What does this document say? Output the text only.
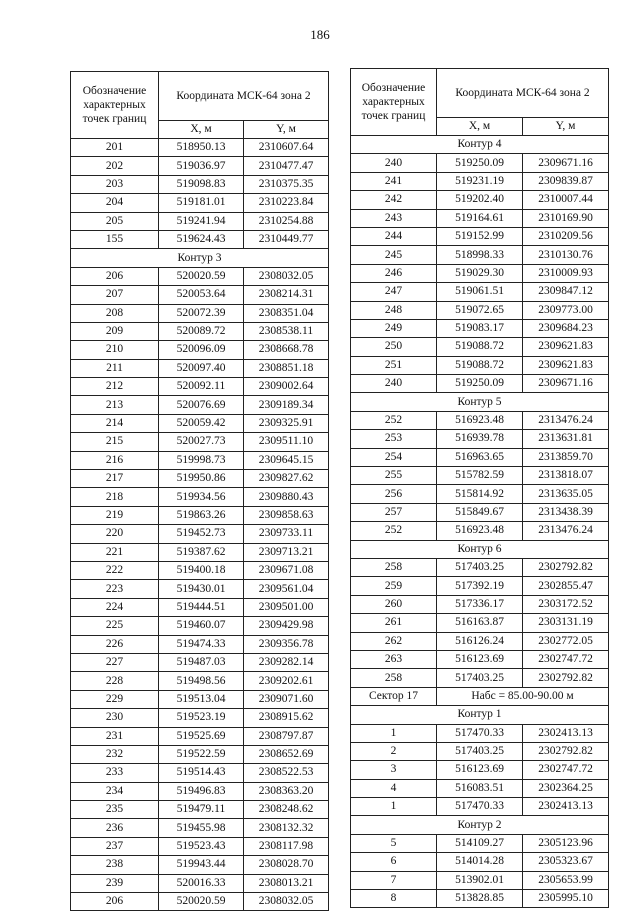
186
Обозначение характерных точек границ	Координата МСК-64 зона 2	
	X, м	Y, м
201	518950.13	2310607.64
202	519036.97	2310477.47
203	519098.83	2310375.35
204	519181.01	2310223.84
205	519241.94	2310254.88
155	519624.43	2310449.77
Контур 3		
206	520020.59	2308032.05
207	520053.64	2308214.31
208	520072.39	2308351.04
209	520089.72	2308538.11
210	520096.09	2308668.78
211	520097.40	2308851.18
212	520092.11	2309002.64
213	520076.69	2309189.34
214	520059.42	2309325.91
215	520027.73	2309511.10
216	519998.73	2309645.15
217	519950.86	2309827.62
218	519934.56	2309880.43
219	519863.26	2309858.63
220	519452.73	2309733.11
221	519387.62	2309713.21
222	519400.18	2309671.08
223	519430.01	2309561.04
224	519444.51	2309501.00
225	519460.07	2309429.98
226	519474.33	2309356.78
227	519487.03	2309282.14
228	519498.56	2309202.61
229	519513.04	2309071.60
230	519523.19	2308915.62
231	519525.69	2308797.87
232	519522.59	2308652.69
233	519514.43	2308522.53
234	519496.83	2308363.20
235	519479.11	2308248.62
236	519455.98	2308132.32
237	519523.43	2308117.98
238	519943.44	2308028.70
239	520016.33	2308013.21
206	520020.59	2308032.05
Обозначение характерных точек границ	Координата МСК-64 зона 2	
	X, м	Y, м
Контур 4		
240	519250.09	2309671.16
241	519231.19	2309839.87
242	519202.40	2310007.44
243	519164.61	2310169.90
244	519152.99	2310209.56
245	518998.33	2310130.76
246	519029.30	2310009.93
247	519061.51	2309847.12
248	519072.65	2309773.00
249	519083.17	2309684.23
250	519088.72	2309621.83
251	519088.72	2309621.83
240	519250.09	2309671.16
Контур 5		
252	516923.48	2313476.24
253	516939.78	2313631.81
254	516963.65	2313859.70
255	515782.59	2313818.07
256	515814.92	2313635.05
257	515849.67	2313438.39
252	516923.48	2313476.24
Контур 6		
258	517403.25	2302792.82
259	517392.19	2302855.47
260	517336.17	2303172.52
261	516163.87	2303131.19
262	516126.24	2302772.05
263	516123.69	2302747.72
258	517403.25	2302792.82
Сектор 17	Набс = 85.00-90.00 м	
Контур 1		
1	517470.33	2302413.13
2	517403.25	2302792.82
3	516123.69	2302747.72
4	516083.51	2302364.25
1	517470.33	2302413.13
Контур 2		
5	514109.27	2305123.96
6	514014.28	2305323.67
7	513902.01	2305653.99
8	513828.85	2305995.10
